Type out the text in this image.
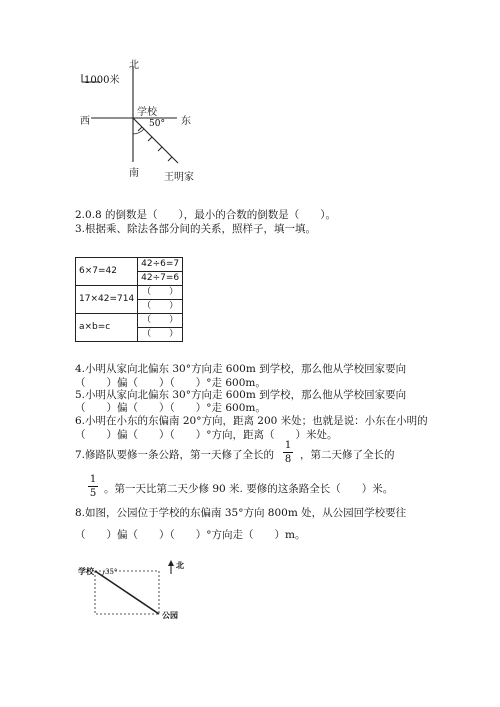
1000米
北
西
学校
东
50°
南	王明家
2.0.8 的倒数是（　　），最小的合数的倒数是（　　）。
3.根据乘、除法各部分间的关系，照样子，填一填。
6×7=42	42÷6=7
	42÷7=6
17×42=714	（　　）
	（　　）
a×b=c	（　　）
	（　　）
4.小明从家向北偏东 30°方向走 600m 到学校，那么他从学校回家要向
（　　）偏（　　）（　　）°走 600m。
5.小明从家向北偏东 30°方向走 600m 到学校，那么他从学校回家要向
（　　）偏（　　）（　　）°走 600m。
6.小明在小东的东偏南 20°方向，距离 200 米处；也就是说：小东在小明的
（　　）偏（　　）（　　）°方向，距离（　　）米处。
7.修路队要修一条公路，第一天修了全长的
1
8 ，第二天修了全长的
1
5 。第一天比第二天少修 90 米. 要修的这条路全长（　　）米。
8.如图，公园位于学校的东偏南 35°方向 800m 处，从公园回学校要往
（　　）偏（　　）（　　）°方向走（　　）m。
学校 35°
北
公园
